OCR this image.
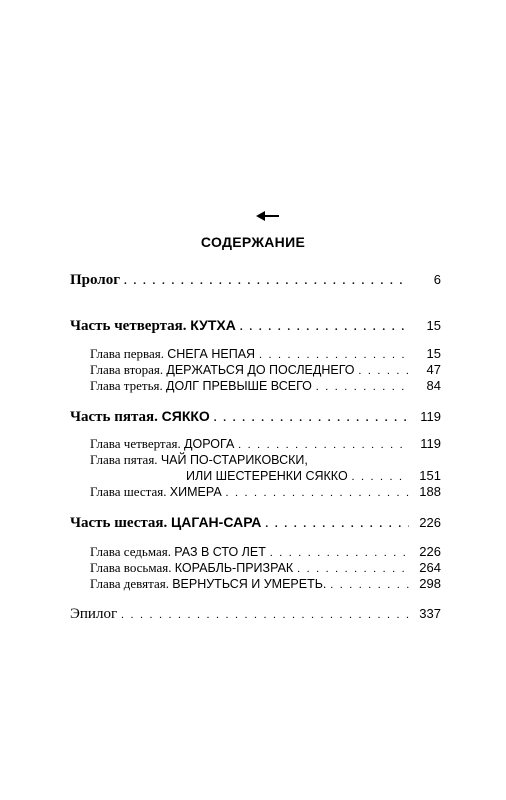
СОДЕРЖАНИЕ
Пролог . . .	6
Часть четвертая. КУТХА . . .	15
Глава первая. СНЕГА НЕПАЯ . . .	15
Глава вторая. ДЕРЖАТЬСЯ ДО ПОСЛЕДНЕГО . . .	47
Глава третья. ДОЛГ ПРЕВЫШЕ ВСЕГО . . .	84
Часть пятая. СЯККО . . .	119
Глава четвертая. ДОРОГА . . .	119
Глава пятая. ЧАЙ ПО-СТАРИКОВСКИ,
ИЛИ ШЕСТЕРЕНКИ СЯККО . . .	151
Глава шестая. ХИМЕРА . . .	188
Часть шестая. ЦАГАН-САРА . . .	226
Глава седьмая. РАЗ В СТО ЛЕТ . . .	226
Глава восьмая. КОРАБЛЬ-ПРИЗРАК . . .	264
Глава девятая. ВЕРНУТЬСЯ И УМЕРЕТЬ. . . .	298
Эпилог . . .	337
